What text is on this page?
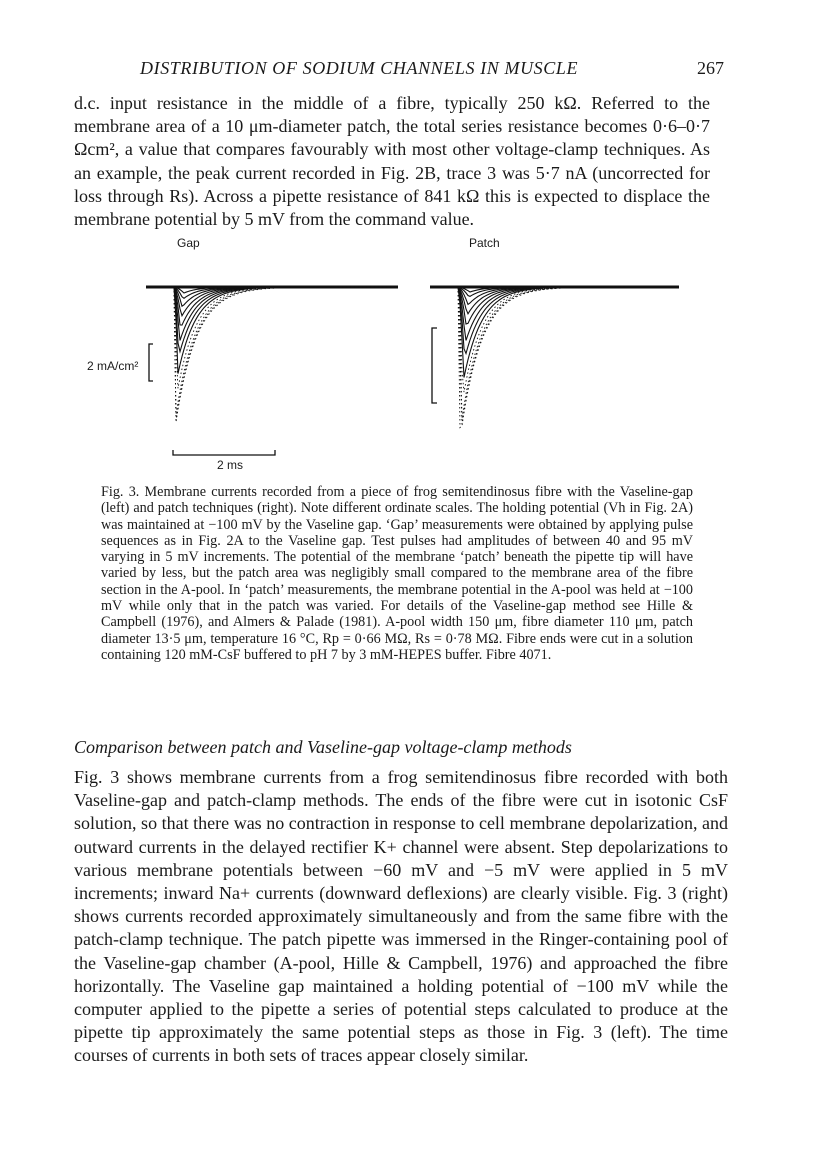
DISTRIBUTION OF SODIUM CHANNELS IN MUSCLE	267

d.c. input resistance in the middle of a fibre, typically 250 kΩ. Referred to the membrane area of a 10 μm-diameter patch, the total series resistance becomes 0·6–0·7 Ωcm², a value that compares favourably with most other voltage-clamp techniques. As an example, the peak current recorded in Fig. 2B, trace 3 was 5·7 nA (uncorrected for loss through Rs). Across a pipette resistance of 841 kΩ this is expected to displace the membrane potential by 5 mV from the command value.

Gap	Patch
2 mA/cm²
2 ms

Fig. 3. Membrane currents recorded from a piece of frog semitendinosus fibre with the Vaseline-gap (left) and patch techniques (right). Note different ordinate scales. The holding potential (Vh in Fig. 2A) was maintained at −100 mV by the Vaseline gap. ‘Gap’ measurements were obtained by applying pulse sequences as in Fig. 2A to the Vaseline gap. Test pulses had amplitudes of between 40 and 95 mV varying in 5 mV increments. The potential of the membrane ‘patch’ beneath the pipette tip will have varied by less, but the patch area was negligibly small compared to the membrane area of the fibre section in the A-pool. In ‘patch’ measurements, the membrane potential in the A-pool was held at −100 mV while only that in the patch was varied. For details of the Vaseline-gap method see Hille & Campbell (1976), and Almers & Palade (1981). A-pool width 150 μm, fibre diameter 110 μm, patch diameter 13·5 μm, temperature 16 °C, Rp = 0·66 MΩ, Rs = 0·78 MΩ. Fibre ends were cut in a solution containing 120 mM-CsF buffered to pH 7 by 3 mM-HEPES buffer. Fibre 4071.

Comparison between patch and Vaseline-gap voltage-clamp methods

Fig. 3 shows membrane currents from a frog semitendinosus fibre recorded with both Vaseline-gap and patch-clamp methods. The ends of the fibre were cut in isotonic CsF solution, so that there was no contraction in response to cell membrane depolarization, and outward currents in the delayed rectifier K+ channel were absent. Step depolarizations to various membrane potentials between −60 mV and −5 mV were applied in 5 mV increments; inward Na+ currents (downward deflexions) are clearly visible. Fig. 3 (right) shows currents recorded approximately simultaneously and from the same fibre with the patch-clamp technique. The patch pipette was immersed in the Ringer-containing pool of the Vaseline-gap chamber (A-pool, Hille & Campbell, 1976) and approached the fibre horizontally. The Vaseline gap maintained a holding potential of −100 mV while the computer applied to the pipette a series of potential steps calculated to produce at the pipette tip approximately the same potential steps as those in Fig. 3 (left). The time courses of currents in both sets of traces appear closely similar.
